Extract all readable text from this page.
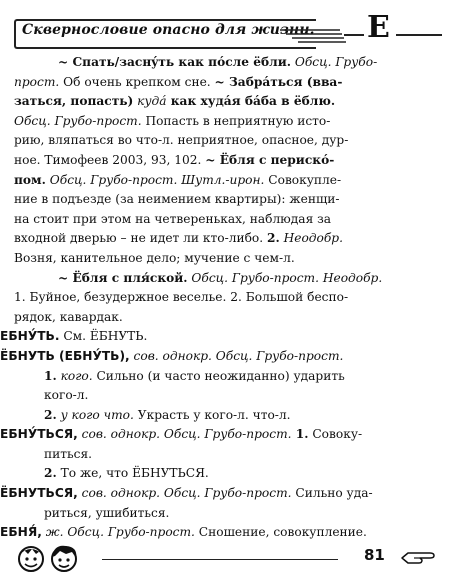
Сквернословие опасно для жизни. Е
~ Спать/заснýть как пóсле ёбли. Обсц. Грубо-
прост. Об очень крепком сне. ~ Забрáться (вва-
заться, попасть) кудá как худáя бáба в ёблю.
Обсц. Грубо-прост. Попасть в неприятную исто-
рию, вляпаться во что-л. неприятное, опасное, дур-
ное. Тимофеев 2003, 93, 102. ~ Ёбля с перискó-
пом. Обсц. Грубо-прост. Шутл.-ирон. Совокупле-
ние в подъезде (за неимением квартиры): женщи-
на стоит при этом на четвереньках, наблюдая за
входной дверью – не идет ли кто-либо. 2. Неодобр.
Возня, канительное дело; мучение с чем-л.
~ Ёбля с пля́ской. Обсц. Грубо-прост. Неодобр.
1. Буйное, безудержное веселье. 2. Большой беспо-
рядок, кавардак.
ЕБНУ́ТЬ. См. ЁБНУТЬ.
ЁБНУТЬ (ЕБНУ́ТЬ), сов. однокр. Обсц. Грубо-прост.
1. кого. Сильно (и часто неожиданно) ударить
кого-л.
2. у кого что. Украсть у кого-л. что-л.
ЕБНУ́ТЬСЯ, сов. однокр. Обсц. Грубо-прост. 1. Совоку-
питься.
2. То же, что ЁБНУТЬСЯ.
ЁБНУТЬСЯ, сов. однокр. Обсц. Грубо-прост. Сильно уда-
риться, ушибиться.
ЕБНЯ́, ж. Обсц. Грубо-прост. Сношение, совокупление.
81
